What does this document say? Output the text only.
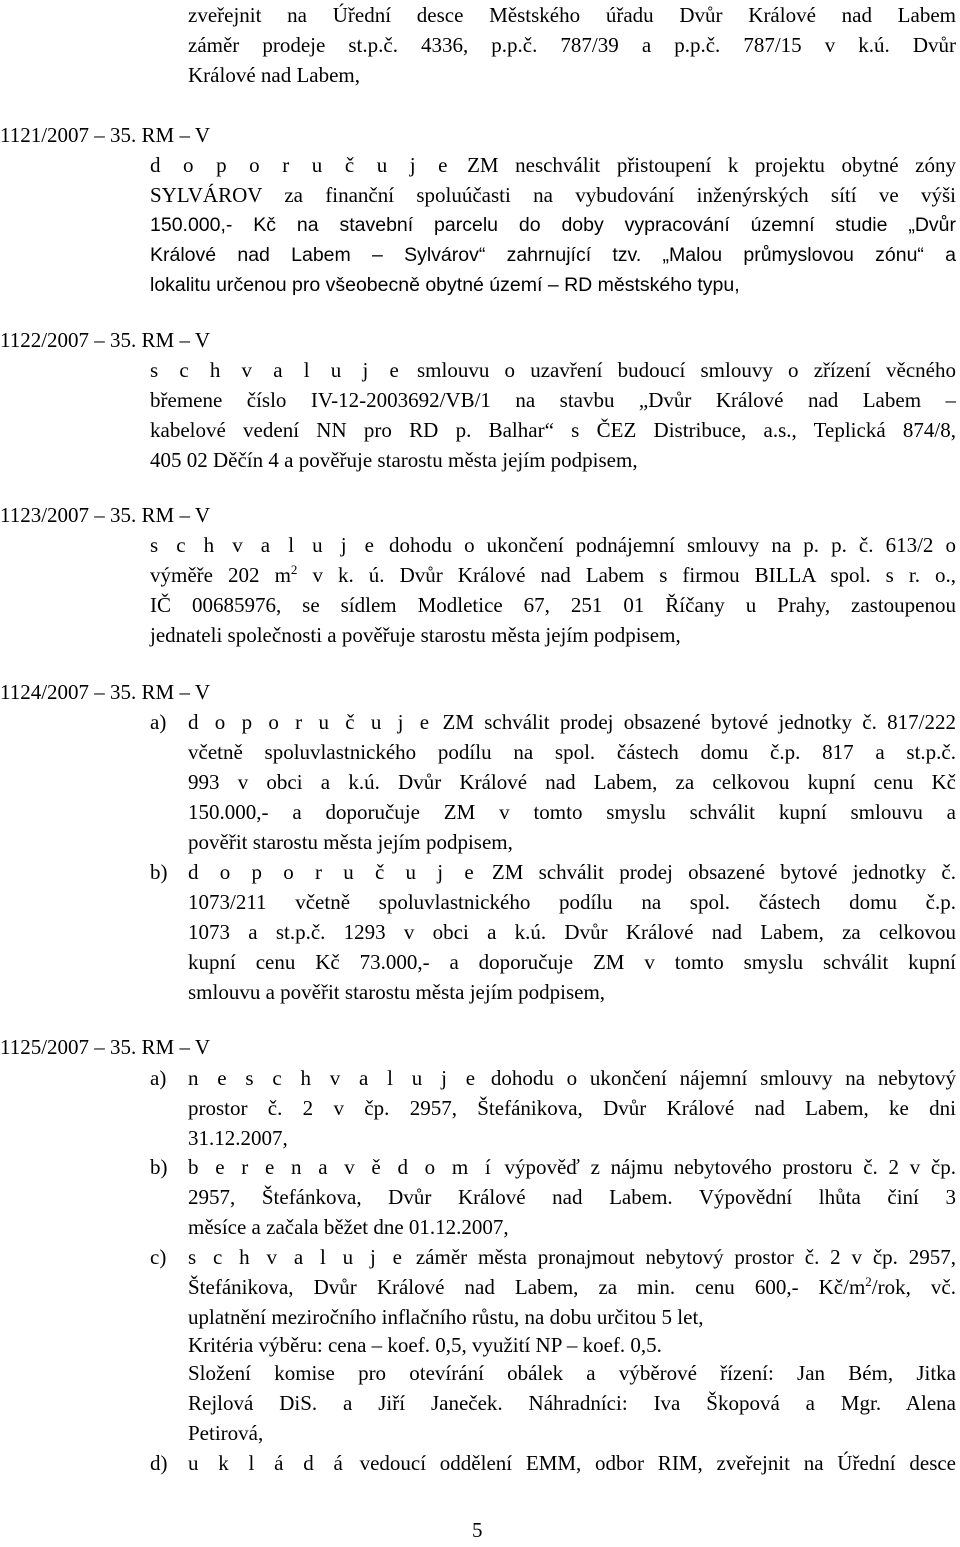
zveřejnit na Úřední desce Městského úřadu Dvůr Králové nad Labem
záměr prodeje st.p.č. 4336, p.p.č. 787/39 a p.p.č. 787/15 v k.ú. Dvůr
Králové nad Labem,
1121/2007 – 35. RM – V
d o p o r u č u j e ZM neschválit přistoupení k projektu obytné zóny
SYLVÁROV za finanční spoluúčasti na vybudování inženýrských sítí ve výši
150.000,- Kč na stavební parcelu do doby vypracování územní studie „Dvůr
Králové nad Labem – Sylvárov“ zahrnující tzv. „Malou průmyslovou zónu“ a
lokalitu určenou pro všeobecně obytné území – RD městského typu,
1122/2007 – 35. RM – V
s c h v a l u j e smlouvu o uzavření budoucí smlouvy o zřízení věcného
břemene číslo IV-12-2003692/VB/1 na stavbu „Dvůr Králové nad Labem –
kabelové vedení NN pro RD p. Balhar“ s ČEZ Distribuce, a.s., Teplická 874/8,
405 02 Děčín 4 a pověřuje starostu města jejím podpisem,
1123/2007 – 35. RM – V
s c h v a l u j e dohodu o ukončení podnájemní smlouvy na p. p. č. 613/2 o
výměře 202 $m^2$ v k. ú. Dvůr Králové nad Labem s firmou BILLA spol. s r. o.,
IČ 00685976, se sídlem Modletice 67, 251 01 Říčany u Prahy, zastoupenou
jednateli společnosti a pověřuje starostu města jejím podpisem,
1124/2007 – 35. RM – V
a) d o p o r u č u j e ZM schválit prodej obsazené bytové jednotky č. 817/222
včetně spoluvlastnického podílu na spol. částech domu č.p. 817 a st.p.č.
993 v obci a k.ú. Dvůr Králové nad Labem, za celkovou kupní cenu Kč
150.000,- a doporučuje ZM v tomto smyslu schválit kupní smlouvu a
pověřit starostu města jejím podpisem,
b) d o p o r u č u j e ZM schválit prodej obsazené bytové jednotky č.
1073/211 včetně spoluvlastnického podílu na spol. částech domu č.p.
1073 a st.p.č. 1293 v obci a k.ú. Dvůr Králové nad Labem, za celkovou
kupní cenu Kč 73.000,- a doporučuje ZM v tomto smyslu schválit kupní
smlouvu a pověřit starostu města jejím podpisem,
1125/2007 – 35. RM – V
a) n e s c h v a l u j e dohodu o ukončení nájemní smlouvy na nebytový
prostor č. 2 v čp. 2957, Štefánikova, Dvůr Králové nad Labem, ke dni
31.12.2007,
b) b e r e n a v ě d o m í výpověď z nájmu nebytového prostoru č. 2 v čp.
2957, Štefánkova, Dvůr Králové nad Labem. Výpovědní lhůta činí 3
měsíce a začala běžet dne 01.12.2007,
c) s c h v a l u j e záměr města pronajmout nebytový prostor č. 2 v čp. 2957,
Štefánikova, Dvůr Králové nad Labem, za min. cenu 600,- $Kč/m^2$/rok, vč.
uplatnění meziročního inflačního růstu, na dobu určitou 5 let,
Kritéria výběru: cena – koef. 0,5, využití NP – koef. 0,5.
Složení komise pro otevírání obálek a výběrové řízení: Jan Bém, Jitka
Rejlová DiS. a Jiří Janeček. Náhradníci: Iva Škopová a Mgr. Alena
Petirová,
d) u k l á d á vedoucí oddělení EMM, odbor RIM, zveřejnit na Úřední desce
5
